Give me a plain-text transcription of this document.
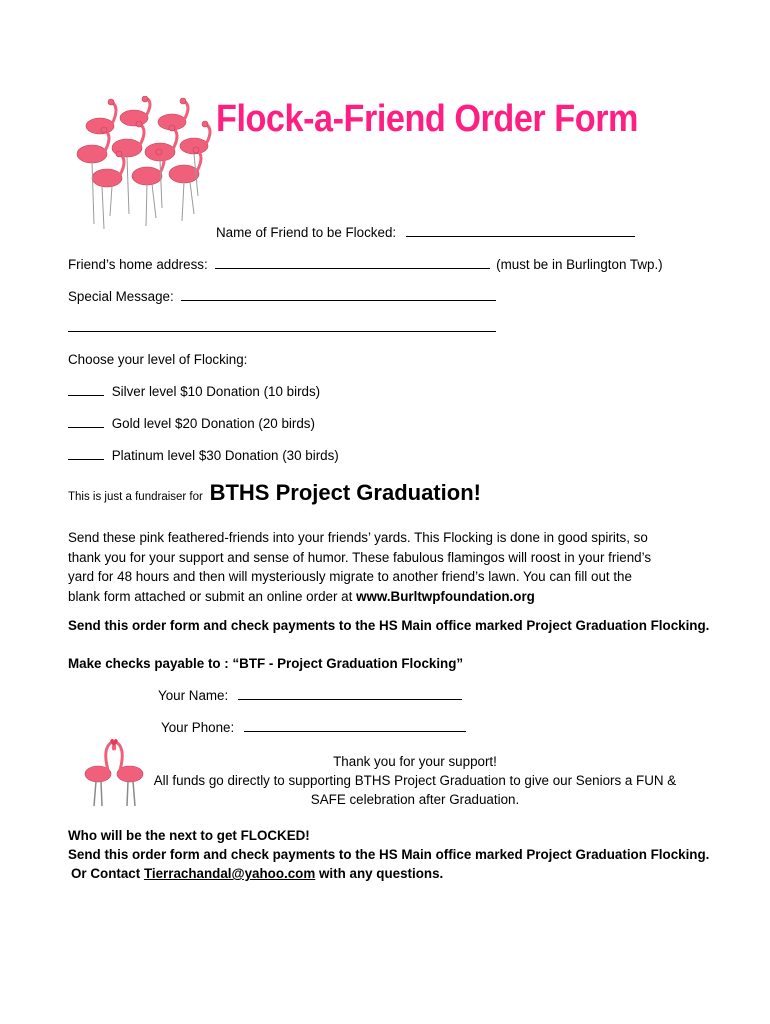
Flock-a-Friend Order Form
Name of Friend to be Flocked:
Friend’s home address:	(must be in Burlington Twp.)
Special Message:
Choose your level of Flocking:
Silver level $10 Donation (10 birds)
Gold level $20 Donation (20 birds)
Platinum level $30 Donation (30 birds)
This is just a fundraiser for BTHS Project Graduation!
Send these pink feathered-friends into your friends’ yards. This Flocking is done in good spirits, so
thank you for your support and sense of humor. These fabulous flamingos will roost in your friend’s
yard for 48 hours and then will mysteriously migrate to another friend’s lawn. You can fill out the
blank form attached or submit an online order at www.Burltwpfoundation.org
Send this order form and check payments to the HS Main office marked Project Graduation Flocking.
Make checks payable to : “BTF - Project Graduation Flocking”
Your Name:
Your Phone:
Thank you for your support!
All funds go directly to supporting BTHS Project Graduation to give our Seniors a FUN &
SAFE celebration after Graduation.
Who will be the next to get FLOCKED!
Send this order form and check payments to the HS Main office marked Project Graduation Flocking.
Or Contact Tierrachandal@yahoo.com with any questions.
